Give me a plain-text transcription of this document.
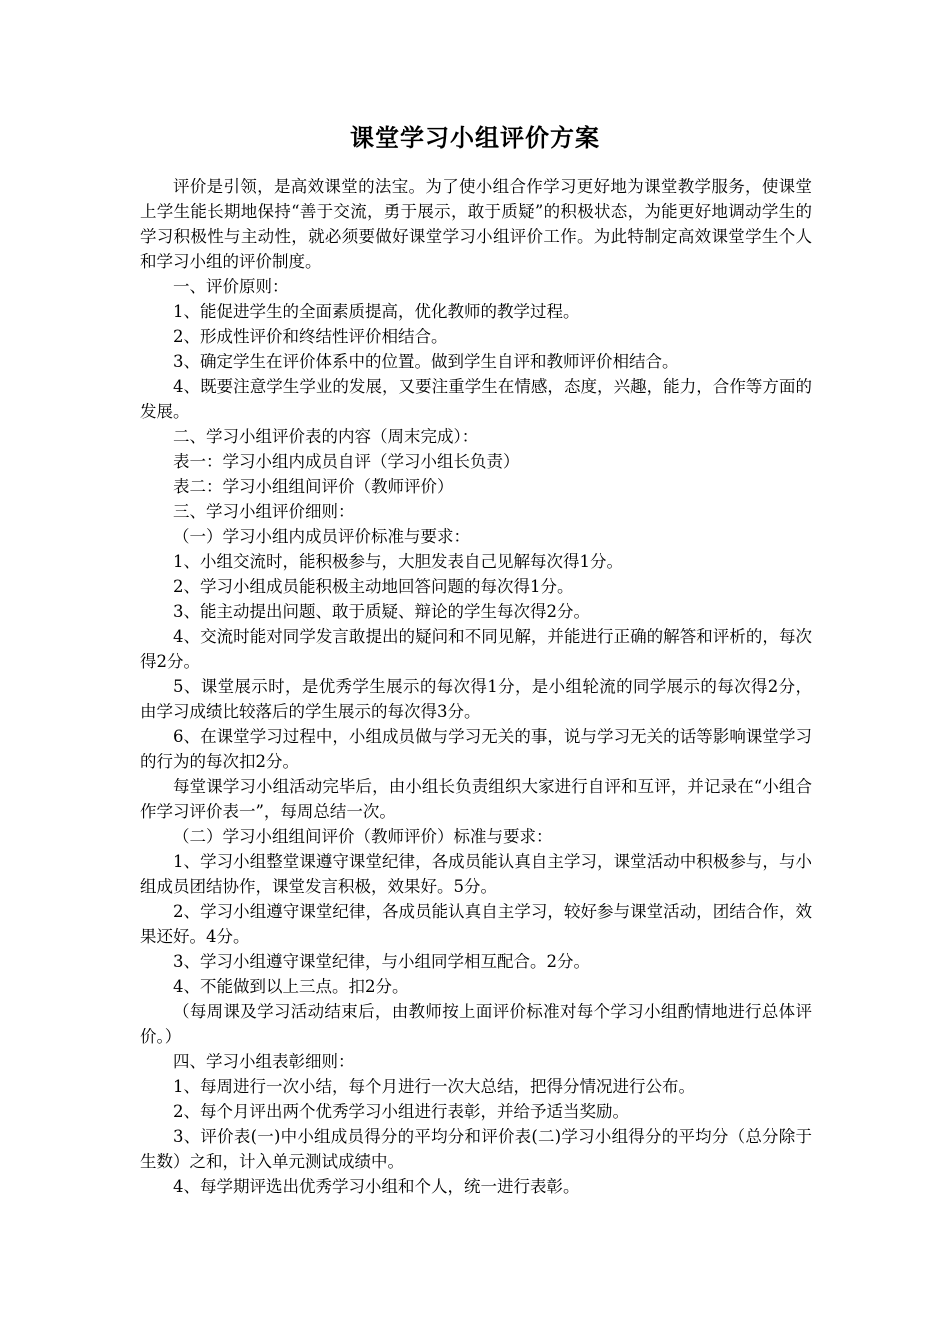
课堂学习小组评价方案

评价是引领，是高效课堂的法宝。为了使小组合作学习更好地为课堂教学服务，使课堂上学生能长期地保持“善于交流，勇于展示，敢于质疑”的积极状态，为能更好地调动学生的学习积极性与主动性，就必须要做好课堂学习小组评价工作。为此特制定高效课堂学生个人和学习小组的评价制度。

一、评价原则：

1、能促进学生的全面素质提高，优化教师的教学过程。

2、形成性评价和终结性评价相结合。

3、确定学生在评价体系中的位置。做到学生自评和教师评价相结合。

4、既要注意学生学业的发展，又要注重学生在情感，态度，兴趣，能力，合作等方面的发展。

二、学习小组评价表的内容（周末完成）：

表一：学习小组内成员自评（学习小组长负责）

表二：学习小组组间评价（教师评价）

三、学习小组评价细则：

（一）学习小组内成员评价标准与要求：

1、小组交流时，能积极参与，大胆发表自己见解每次得1分。

2、学习小组成员能积极主动地回答问题的每次得1分。

3、能主动提出问题、敢于质疑、辩论的学生每次得2分。

4、交流时能对同学发言敢提出的疑问和不同见解，并能进行正确的解答和评析的，每次得2分。

5、课堂展示时，是优秀学生展示的每次得1分，是小组轮流的同学展示的每次得2分，由学习成绩比较落后的学生展示的每次得3分。

6、在课堂学习过程中，小组成员做与学习无关的事，说与学习无关的话等影响课堂学习的行为的每次扣2分。

每堂课学习小组活动完毕后，由小组长负责组织大家进行自评和互评，并记录在“小组合作学习评价表一”，每周总结一次。

（二）学习小组组间评价（教师评价）标准与要求：

1、学习小组整堂课遵守课堂纪律，各成员能认真自主学习，课堂活动中积极参与，与小组成员团结协作，课堂发言积极，效果好。5分。

2、学习小组遵守课堂纪律，各成员能认真自主学习，较好参与课堂活动，团结合作，效果还好。4分。

3、学习小组遵守课堂纪律，与小组同学相互配合。2分。

4、不能做到以上三点。扣2分。

（每周课及学习活动结束后，由教师按上面评价标准对每个学习小组酌情地进行总体评价。）

四、学习小组表彰细则：

1、每周进行一次小结，每个月进行一次大总结，把得分情况进行公布。

2、每个月评出两个优秀学习小组进行表彰，并给予适当奖励。

3、评价表(一)中小组成员得分的平均分和评价表(二)学习小组得分的平均分（总分除于生数）之和，计入单元测试成绩中。

4、每学期评选出优秀学习小组和个人，统一进行表彰。
